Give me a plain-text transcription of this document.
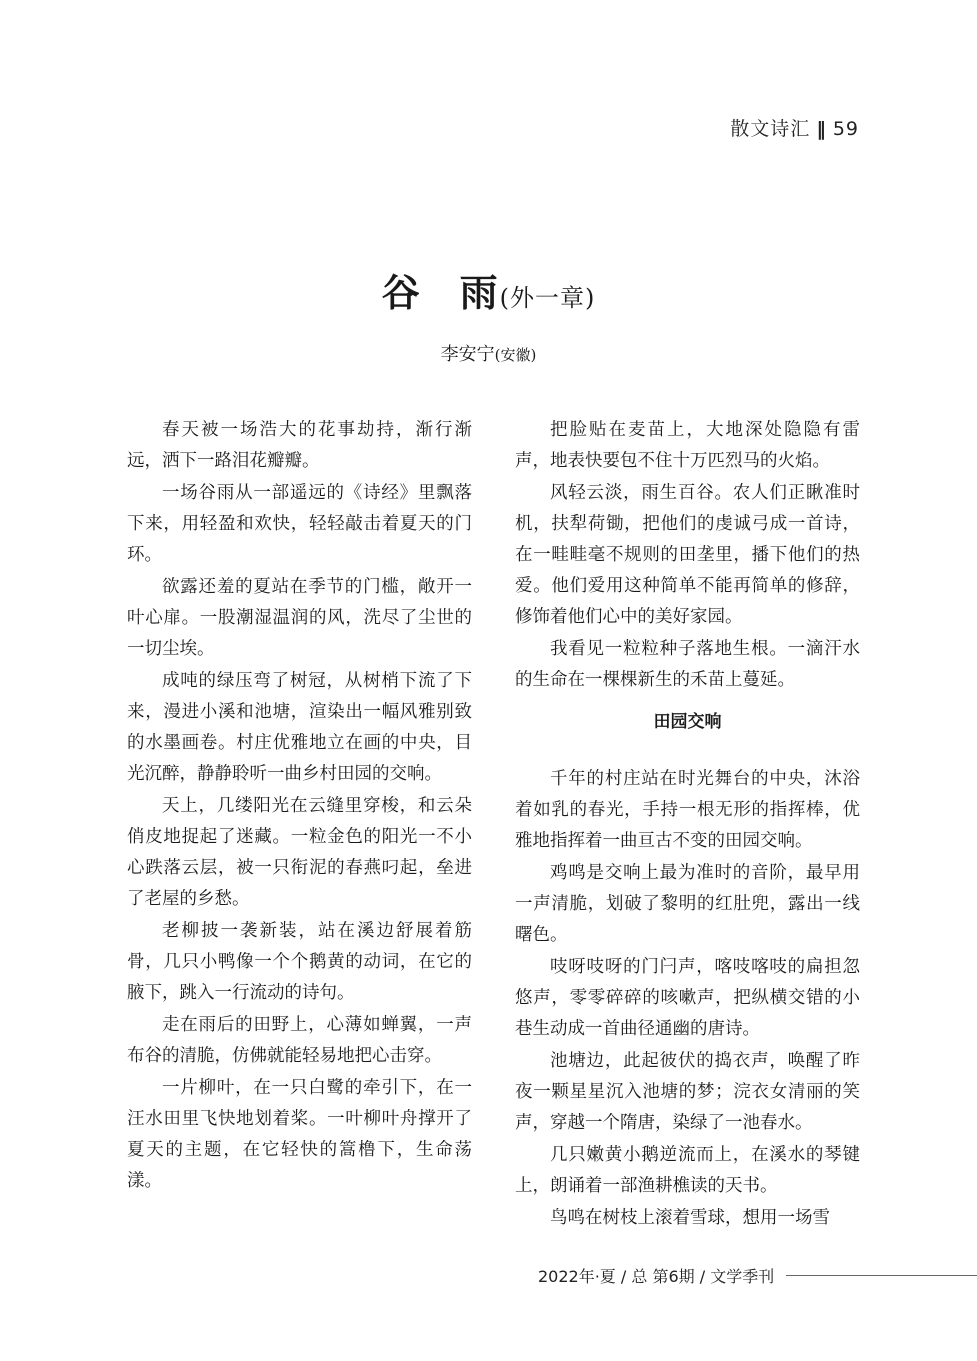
散文诗汇 ‖ 59
谷 雨(外一章)
李安宁(安徽)

春天被一场浩大的花事劫持，渐行渐远，洒下一路泪花瓣瓣。

一场谷雨从一部遥远的《诗经》里飘落下来，用轻盈和欢快，轻轻敲击着夏天的门环。

欲露还羞的夏站在季节的门槛，敞开一叶心扉。一股潮湿温润的风，洗尽了尘世的一切尘埃。

成吨的绿压弯了树冠，从树梢下流了下来，漫进小溪和池塘，渲染出一幅风雅别致的水墨画卷。村庄优雅地立在画的中央，目光沉醉，静静聆听一曲乡村田园的交响。

天上，几缕阳光在云缝里穿梭，和云朵俏皮地捉起了迷藏。一粒金色的阳光一不小心跌落云层，被一只衔泥的春燕叼起，垒进了老屋的乡愁。

老柳披一袭新装，站在溪边舒展着筋骨，几只小鸭像一个个鹅黄的动词，在它的腋下，跳入一行流动的诗句。

走在雨后的田野上，心薄如蝉翼，一声布谷的清脆，仿佛就能轻易地把心击穿。

一片柳叶，在一只白鹭的牵引下，在一汪水田里飞快地划着桨。一叶柳叶舟撑开了夏天的主题，在它轻快的篙橹下，生命荡漾。

把脸贴在麦苗上，大地深处隐隐有雷声，地表快要包不住十万匹烈马的火焰。

风轻云淡，雨生百谷。农人们正瞅准时机，扶犁荷锄，把他们的虔诚弓成一首诗，在一畦畦毫不规则的田垄里，播下他们的热爱。他们爱用这种简单不能再简单的修辞，修饰着他们心中的美好家园。

我看见一粒粒种子落地生根。一滴汗水的生命在一棵棵新生的禾苗上蔓延。

田园交响

千年的村庄站在时光舞台的中央，沐浴着如乳的春光，手持一根无形的指挥棒，优雅地指挥着一曲亘古不变的田园交响。

鸡鸣是交响上最为准时的音阶，最早用一声清脆，划破了黎明的红肚兜，露出一线曙色。

吱呀吱呀的门闩声，喀吱喀吱的扁担忽悠声，零零碎碎的咳嗽声，把纵横交错的小巷生动成一首曲径通幽的唐诗。

池塘边，此起彼伏的捣衣声，唤醒了昨夜一颗星星沉入池塘的梦；浣衣女清丽的笑声，穿越一个隋唐，染绿了一池春水。

几只嫩黄小鹅逆流而上，在溪水的琴键上，朗诵着一部渔耕樵读的天书。

鸟鸣在树枝上滚着雪球，想用一场雪

2022年·夏 / 总 第6期 / 文学季刊
